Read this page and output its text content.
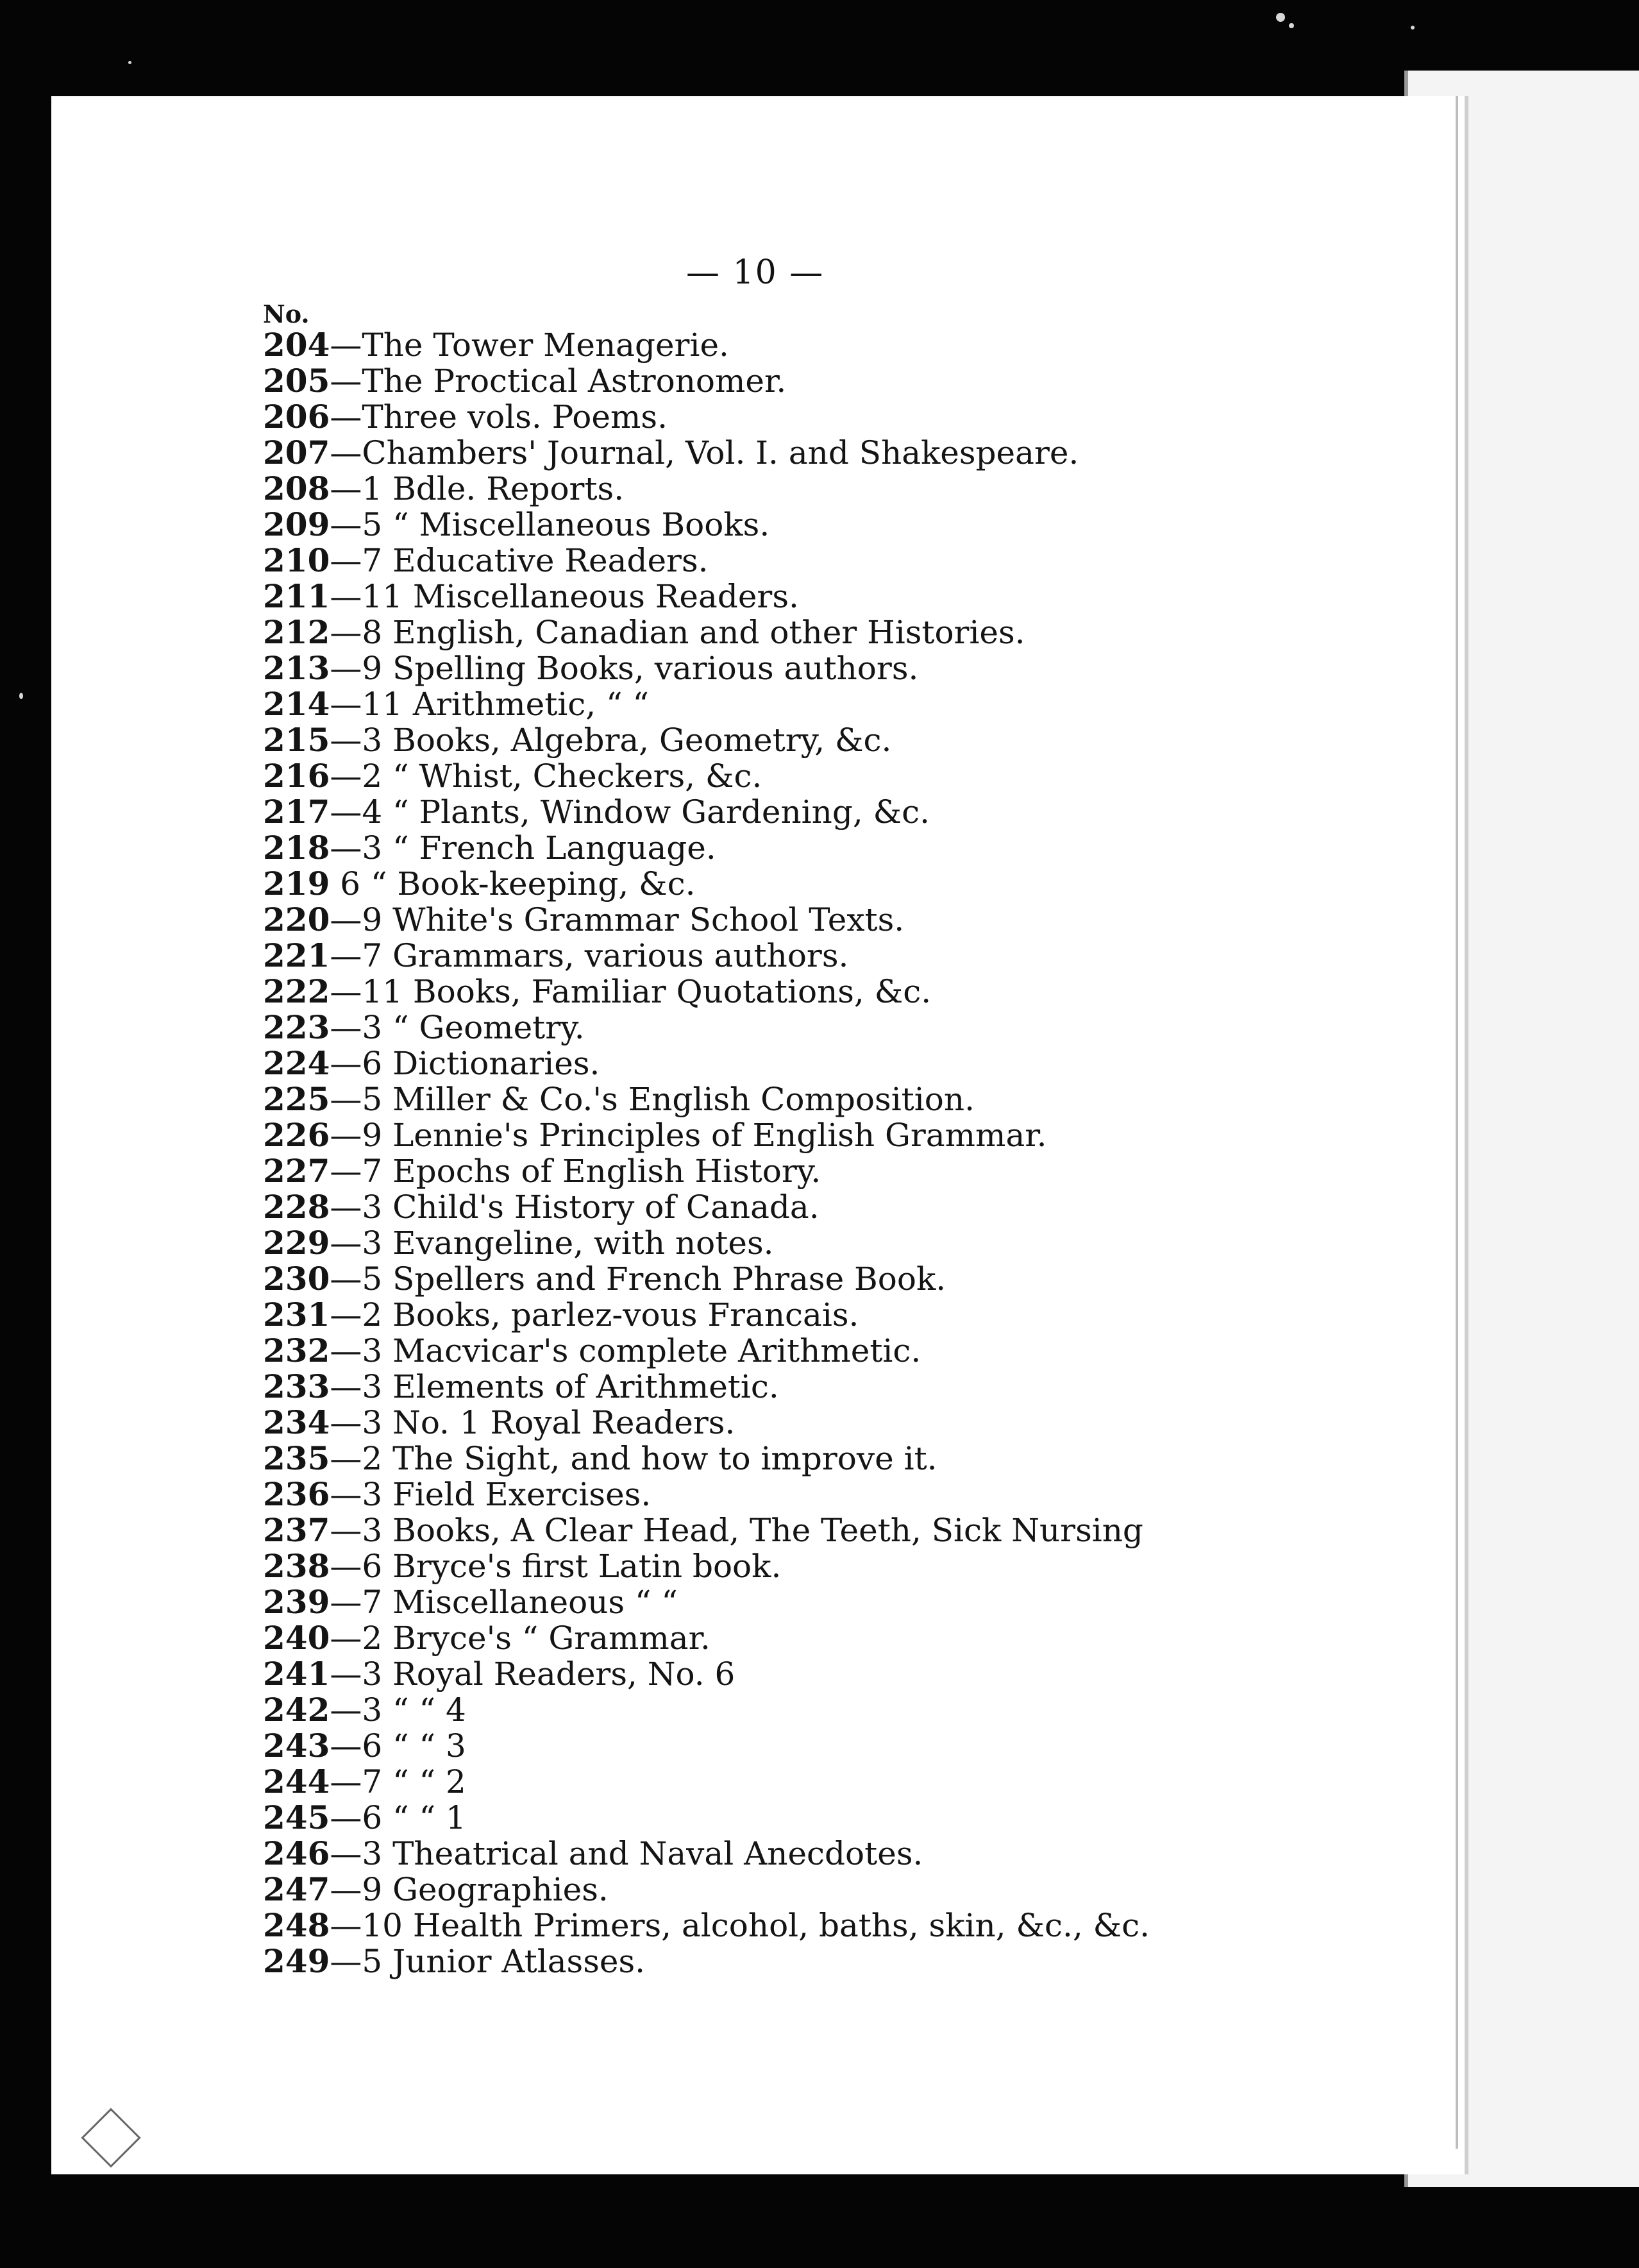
— 10 —
No.
204—The Tower Menagerie.
205—The Proctical Astronomer.
206—Three vols. Poems.
207—Chambers' Journal, Vol. I. and Shakespeare.
208—1 Bdle. Reports.
209—5 “ Miscellaneous Books.
210—7 Educative Readers.
211—11 Miscellaneous Readers.
212—8 English, Canadian and other Histories.
213—9 Spelling Books, various authors.
214—11 Arithmetic, “ “
215—3 Books, Algebra, Geometry, &c.
216—2 “ Whist, Checkers, &c.
217—4 “ Plants, Window Gardening, &c.
218—3 “ French Language.
219 6 “ Book-keeping, &c.
220—9 White's Grammar School Texts.
221—7 Grammars, various authors.
222—11 Books, Familiar Quotations, &c.
223—3 “ Geometry.
224—6 Dictionaries.
225—5 Miller & Co.'s English Composition.
226—9 Lennie's Principles of English Grammar.
227—7 Epochs of English History.
228—3 Child's History of Canada.
229—3 Evangeline, with notes.
230—5 Spellers and French Phrase Book.
231—2 Books, parlez-vous Francais.
232—3 Macvicar's complete Arithmetic.
233—3 Elements of Arithmetic.
234—3 No. 1 Royal Readers.
235—2 The Sight, and how to improve it.
236—3 Field Exercises.
237—3 Books, A Clear Head, The Teeth, Sick Nursing
238—6 Bryce's first Latin book.
239—7 Miscellaneous “ “
240—2 Bryce's “ Grammar.
241—3 Royal Readers, No. 6
242—3 “ “ 4
243—6 “ “ 3
244—7 “ “ 2
245—6 “ “ 1
246—3 Theatrical and Naval Anecdotes.
247—9 Geographies.
248—10 Health Primers, alcohol, baths, skin, &c., &c.
249—5 Junior Atlasses.
